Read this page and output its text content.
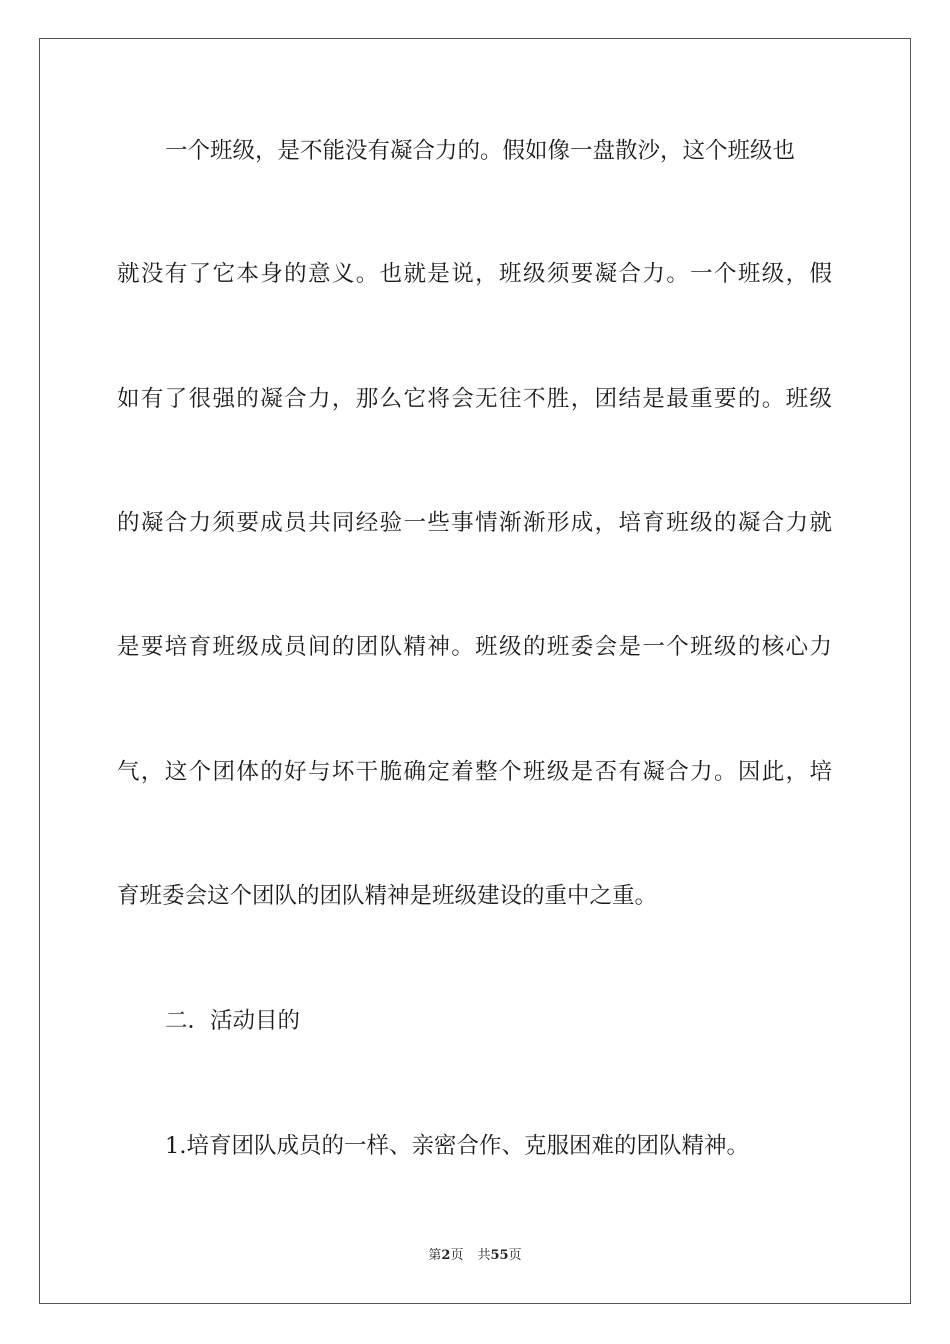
一个班级，是不能没有凝合力的。假如像一盘散沙，这个班级也
就没有了它本身的意义。也就是说，班级须要凝合力。一个班级，假
如有了很强的凝合力，那么它将会无往不胜，团结是最重要的。班级
的凝合力须要成员共同经验一些事情渐渐形成，培育班级的凝合力就
是要培育班级成员间的团队精神。班级的班委会是一个班级的核心力
气，这个团体的好与坏干脆确定着整个班级是否有凝合力。因此，培
育班委会这个团队的团队精神是班级建设的重中之重。
二．活动目的
1.培育团队成员的一样、亲密合作、克服困难的团队精神。
第2页 共55页
